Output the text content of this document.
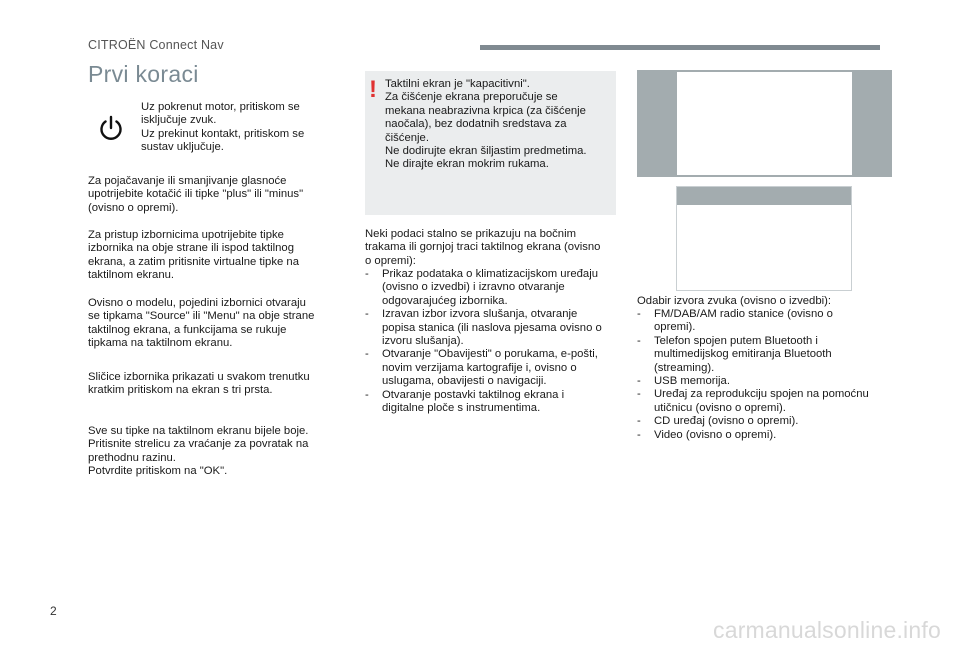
CITROËN Connect Nav
Prvi koraci

Uz pokrenut motor, pritiskom se
isključuje zvuk.
Uz prekinut kontakt, pritiskom se
sustav uključuje.

Za pojačavanje ili smanjivanje glasnoće
upotrijebite kotačić ili tipke "plus" ili "minus"
(ovisno o opremi).

Za pristup izbornicima upotrijebite tipke
izbornika na obje strane ili ispod taktilnog
ekrana, a zatim pritisnite virtualne tipke na
taktilnom ekranu.

Ovisno o modelu, pojedini izbornici otvaraju
se tipkama "Source" ili "Menu" na obje strane
taktilnog ekrana, a funkcijama se rukuje
tipkama na taktilnom ekranu.

Sličice izbornika prikazati u svakom trenutku
kratkim pritiskom na ekran s tri prsta.

Sve su tipke na taktilnom ekranu bijele boje.
Pritisnite strelicu za vraćanje za povratak na
prethodnu razinu.
Potvrdite pritiskom na "OK".

! Taktilni ekran je "kapacitivni".
Za čišćenje ekrana preporučuje se
mekana neabrazivna krpica (za čišćenje
naočala), bez dodatnih sredstava za
čišćenje.
Ne dodirujte ekran šiljastim predmetima.
Ne dirajte ekran mokrim rukama.

Neki podaci stalno se prikazuju na bočnim
trakama ili gornjoj traci taktilnog ekrana (ovisno
o opremi):

- Prikaz podataka o klimatizacijskom uređaju
(ovisno o izvedbi) i izravno otvaranje
odgovarajućeg izbornika.
- Izravan izbor izvora slušanja, otvaranje
popisa stanica (ili naslova pjesama ovisno o
izvoru slušanja).
- Otvaranje "Obavijesti" o porukama, e-pošti,
novim verzijama kartografije i, ovisno o
uslugama, obavijesti o navigaciji.
- Otvaranje postavki taktilnog ekrana i
digitalne ploče s instrumentima.

Odabir izvora zvuka (ovisno o izvedbi):

- FM/DAB/AM radio stanice (ovisno o
opremi).
- Telefon spojen putem Bluetooth i
multimedijskog emitiranja Bluetooth
(streaming).
- USB memorija.
- Uređaj za reprodukciju spojen na pomoćnu
utičnicu (ovisno o opremi).
- CD uređaj (ovisno o opremi).
- Video (ovisno o opremi).
2
carmanualsonline.info
